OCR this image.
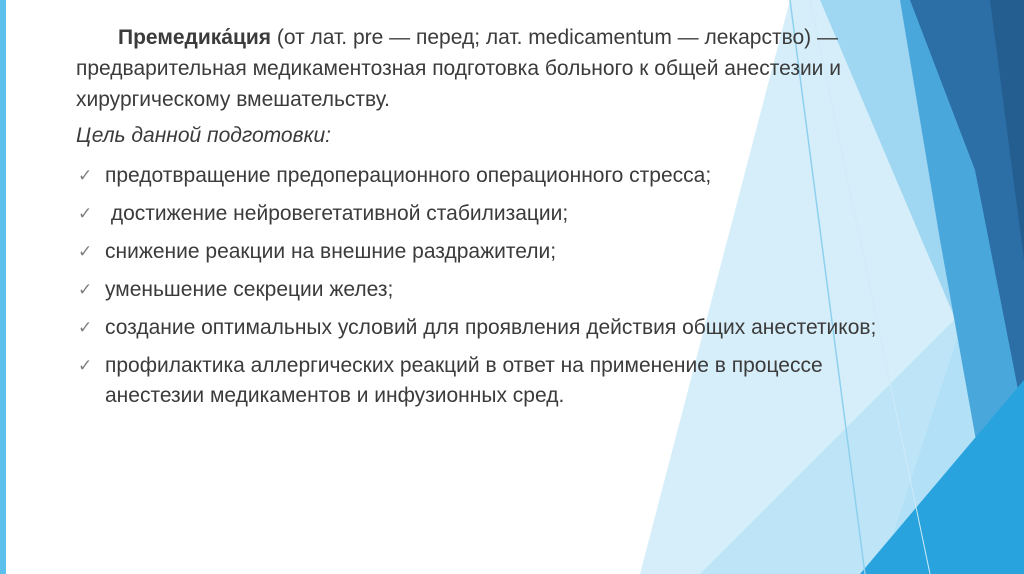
Премедика́ция (от лат. pre — перед; лат. medicamentum — лекарство) — предварительная медикаментозная подготовка больного к общей анестезии и хирургическому вмешательству.

Цель данной подготовки:

✓ предотвращение предоперационного операционного стресса;
✓ достижение нейровегетативной стабилизации;
✓ снижение реакции на внешние раздражители;
✓ уменьшение секреции желез;
✓ создание оптимальных условий для проявления действия общих анестетиков;
✓ профилактика аллергических реакций в ответ на применение в процессе анестезии медикаментов и инфузионных сред.
